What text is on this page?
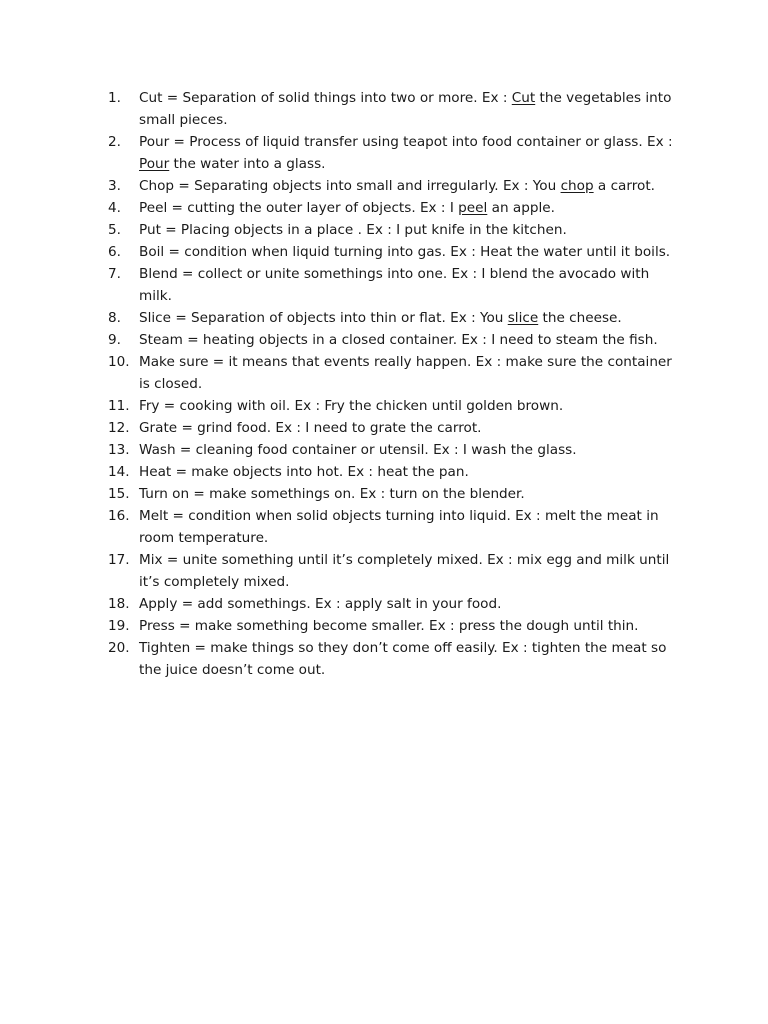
1.	Cut = Separation of solid things into two or more. Ex : Cut the vegetables into small pieces.
2.	Pour = Process of liquid transfer using teapot into food container or glass. Ex : Pour the water into a glass.
3.	Chop = Separating objects into small and irregularly. Ex : You chop a carrot.
4.	Peel = cutting the outer layer of objects. Ex : I peel an apple.
5.	Put = Placing objects in a place . Ex : I put knife in the kitchen.
6.	Boil = condition when liquid turning into gas. Ex : Heat the water until it boils.
7.	Blend = collect or unite somethings into one. Ex : I blend the avocado with milk.
8.	Slice = Separation of objects into thin or flat. Ex : You slice the cheese.
9.	Steam = heating objects in a closed container. Ex : I need to steam the fish.
10. Make sure = it means that events really happen. Ex : make sure the container is closed.
11. Fry = cooking with oil. Ex : Fry the chicken until golden brown.
12. Grate = grind food. Ex : I need to grate the carrot.
13. Wash = cleaning food container or utensil. Ex : I wash the glass.
14. Heat = make objects into hot. Ex : heat the pan.
15. Turn on = make somethings on. Ex : turn on the blender.
16. Melt = condition when solid objects turning into liquid. Ex : melt the meat in room temperature.
17. Mix = unite something until it’s completely mixed. Ex : mix egg and milk until it’s completely mixed.
18. Apply = add somethings. Ex : apply salt in your food.
19. Press = make something become smaller. Ex : press the dough until thin.
20. Tighten = make things so they don’t come off easily. Ex : tighten the meat so the juice doesn’t come out.
